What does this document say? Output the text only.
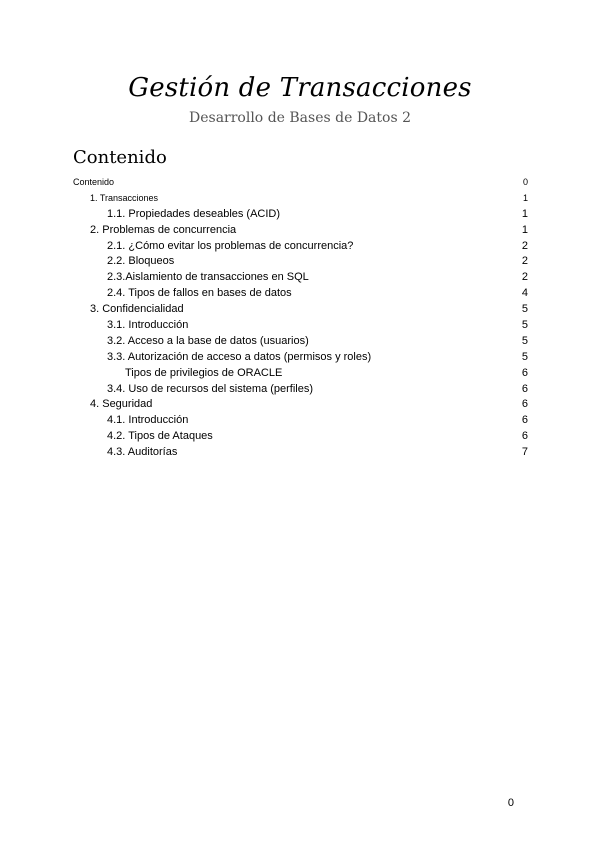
Gestión de Transacciones

Desarrollo de Bases de Datos 2

Contenido
Contenido	0
1. Transacciones	1
1.1. Propiedades deseables (ACID)	1
2. Problemas de concurrencia	1
2.1. ¿Cómo evitar los problemas de concurrencia?	2
2.2. Bloqueos	2
2.3.Aislamiento de transacciones en SQL	2
2.4. Tipos de fallos en bases de datos	4
3. Confidencialidad	5
3.1. Introducción	5
3.2. Acceso a la base de datos (usuarios)	5
3.3. Autorización de acceso a datos (permisos y roles)	5
Tipos de privilegios de ORACLE	6
3.4. Uso de recursos del sistema (perfiles)	6
4. Seguridad	6
4.1. Introducción	6
4.2. Tipos de Ataques	6
4.3. Auditorías	7
0
